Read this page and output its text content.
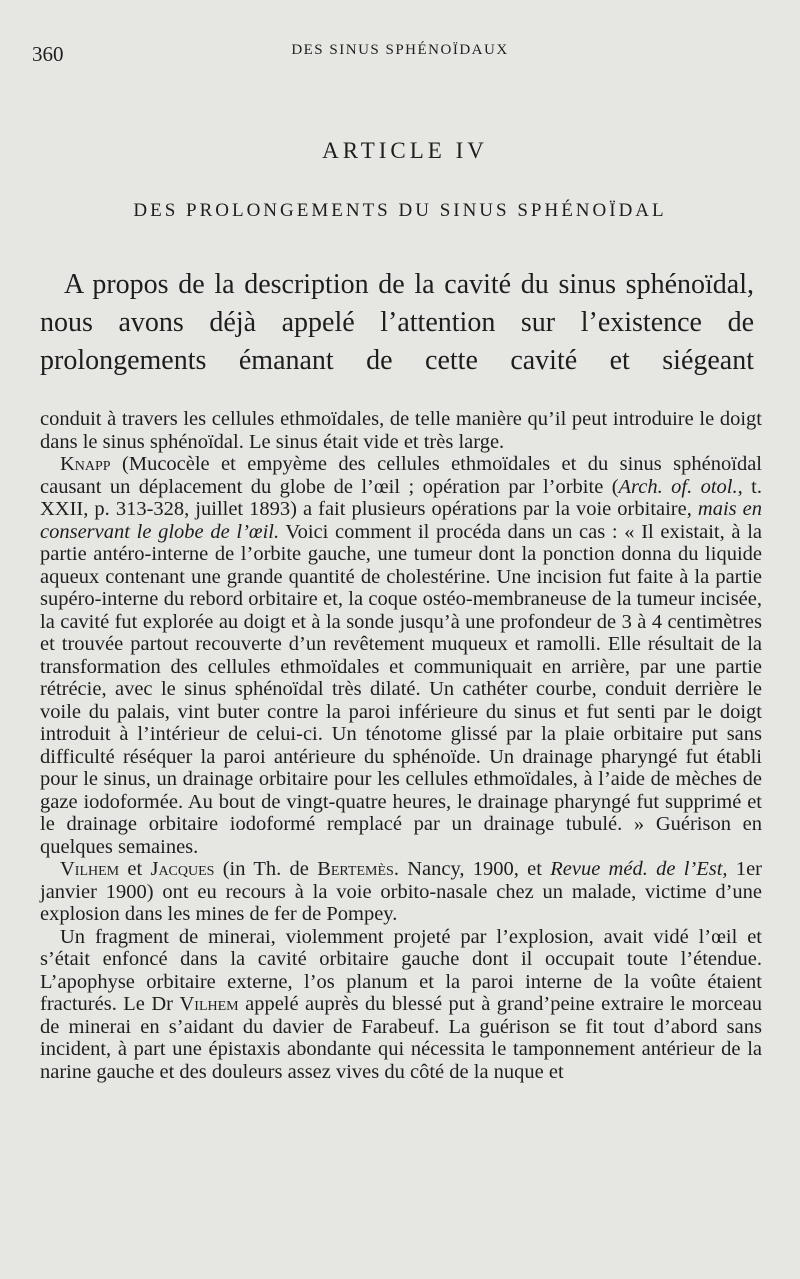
360	DES SINUS SPHÉNOÏDAUX
ARTICLE IV
DES PROLONGEMENTS DU SINUS SPHÉNOÏDAL

A propos de la description de la cavité du sinus sphénoïdal, nous avons déjà appelé l’attention sur l’existence de prolongements émanant de cette cavité et siégeant

conduit à travers les cellules ethmoïdales, de telle manière qu’il peut introduire le doigt dans le sinus sphénoïdal. Le sinus était vide et très large.

Knapp (Mucocèle et empyème des cellules ethmoïdales et du sinus sphénoïdal causant un déplacement du globe de l’œil ; opération par l’orbite (Arch. of. otol., t. XXII, p. 313-328, juillet 1893) a fait plusieurs opérations par la voie orbitaire, mais en conservant le globe de l’œil. Voici comment il procéda dans un cas : « Il existait, à la partie antéro-interne de l’orbite gauche, une tumeur dont la ponction donna du liquide aqueux contenant une grande quantité de cholestérine. Une incision fut faite à la partie supéro-interne du rebord orbitaire et, la coque ostéo-membraneuse de la tumeur incisée, la cavité fut explorée au doigt et à la sonde jusqu’à une profondeur de 3 à 4 centimètres et trouvée partout recouverte d’un revêtement muqueux et ramolli. Elle résultait de la transformation des cellules ethmoïdales et communiquait en arrière, par une partie rétrécie, avec le sinus sphénoïdal très dilaté. Un cathéter courbe, conduit derrière le voile du palais, vint buter contre la paroi inférieure du sinus et fut senti par le doigt introduit à l’intérieur de celui-ci. Un ténotome glissé par la plaie orbitaire put sans difficulté réséquer la paroi antérieure du sphénoïde. Un drainage pharyngé fut établi pour le sinus, un drainage orbitaire pour les cellules ethmoïdales, à l’aide de mèches de gaze iodoformée. Au bout de vingt-quatre heures, le drainage pharyngé fut supprimé et le drainage orbitaire iodoformé remplacé par un drainage tubulé. » Guérison en quelques semaines.

Vilhem et Jacques (in Th. de Bertemès. Nancy, 1900, et Revue méd. de l’Est, 1er janvier 1900) ont eu recours à la voie orbito-nasale chez un malade, victime d’une explosion dans les mines de fer de Pompey.

Un fragment de minerai, violemment projeté par l’explosion, avait vidé l’œil et s’était enfoncé dans la cavité orbitaire gauche dont il occupait toute l’étendue. L’apophyse orbitaire externe, l’os planum et la paroi interne de la voûte étaient fracturés. Le Dr Vilhem appelé auprès du blessé put à grand’peine extraire le morceau de minerai en s’aidant du davier de Farabeuf. La guérison se fit tout d’abord sans incident, à part une épistaxis abondante qui nécessita le tamponnement antérieur de la narine gauche et des douleurs assez vives du côté de la nuque et
